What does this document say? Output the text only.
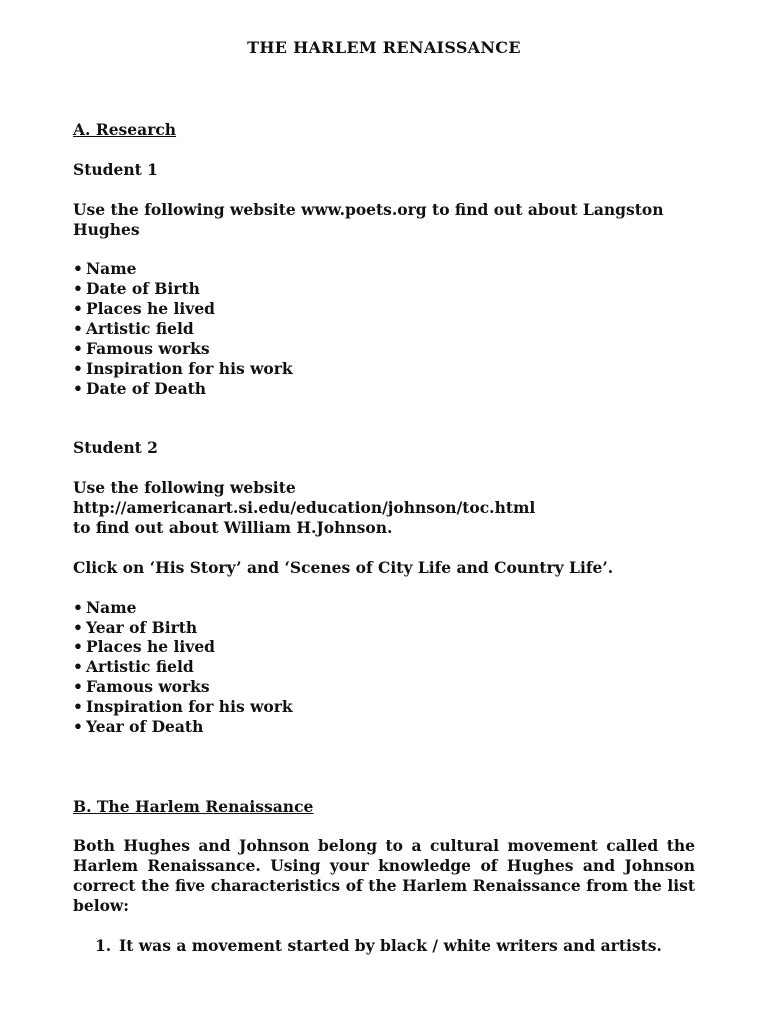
THE HARLEM RENAISSANCE

A. Research

Student 1

Use the following website www.poets.org to find out about Langston Hughes

• Name
• Date of Birth
• Places he lived
• Artistic field
• Famous works
• Inspiration for his work
• Date of Death

Student 2

Use the following website

http://americanart.si.edu/education/johnson/toc.html

to find out about William H.Johnson.

Click on ‘His Story’ and ‘Scenes of City Life and Country Life’.

• Name
• Year of Birth
• Places he lived
• Artistic field
• Famous works
• Inspiration for his work
• Year of Death

B. The Harlem Renaissance

Both Hughes and Johnson belong to a cultural movement called the Harlem Renaissance. Using your knowledge of Hughes and Johnson correct the five characteristics of the Harlem Renaissance from the list below:

1. It was a movement started by black / white writers and artists.
